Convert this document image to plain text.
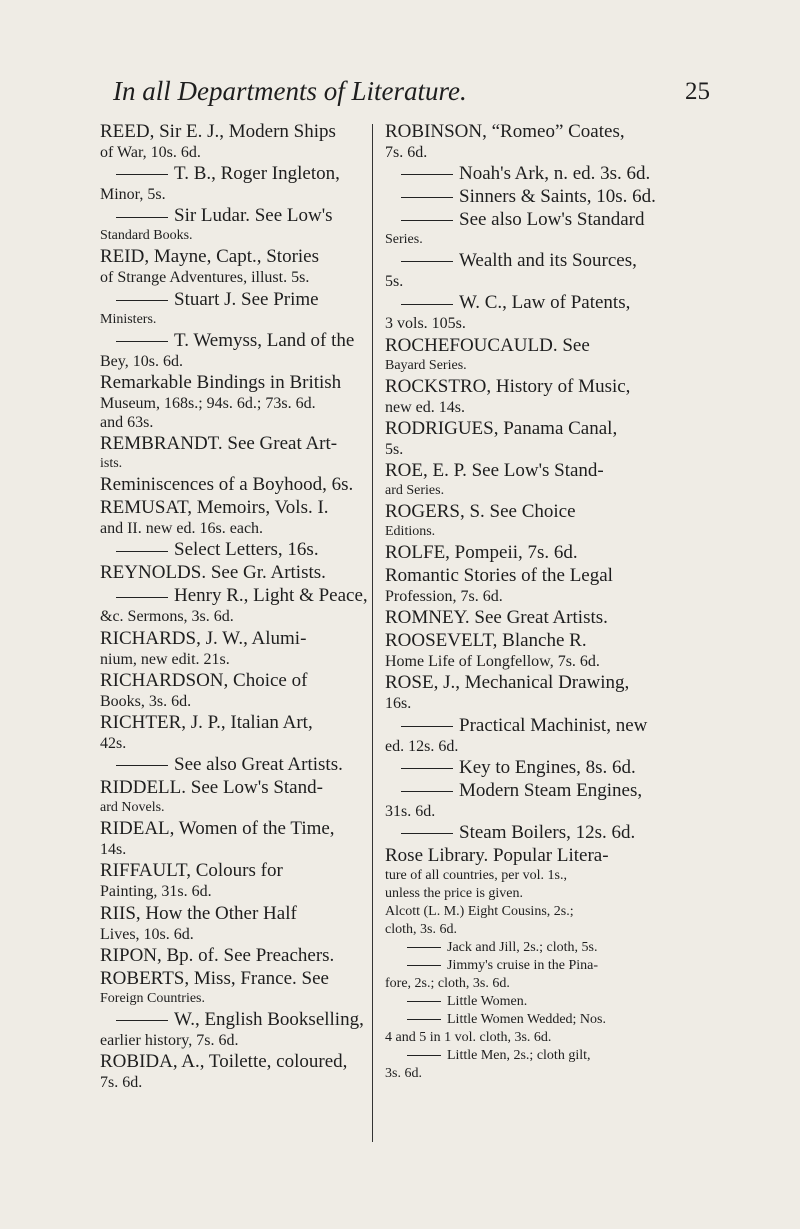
In all Departments of Literature.	25
REED, Sir E. J., Modern Ships
of War, 10s. 6d.
T. B., Roger Ingleton,
Minor, 5s.
Sir Ludar. See Low's
Standard Books.
REID, Mayne, Capt., Stories
of Strange Adventures, illust. 5s.
Stuart J. See Prime
Ministers.
T. Wemyss, Land of the
Bey, 10s. 6d.
Remarkable Bindings in British
Museum, 168s.; 94s. 6d.; 73s. 6d.
and 63s.
REMBRANDT. See Great Art-
ists.
Reminiscences of a Boyhood, 6s.
REMUSAT, Memoirs, Vols. I.
and II. new ed. 16s. each.
Select Letters, 16s.
REYNOLDS. See Gr. Artists.
Henry R., Light & Peace,
&c. Sermons, 3s. 6d.
RICHARDS, J. W., Alumi-
nium, new edit. 21s.
RICHARDSON, Choice of
Books, 3s. 6d.
RICHTER, J. P., Italian Art,
42s.
See also Great Artists.
RIDDELL. See Low's Stand-
ard Novels.
RIDEAL, Women of the Time,
14s.
RIFFAULT, Colours for
Painting, 31s. 6d.
RIIS, How the Other Half
Lives, 10s. 6d.
RIPON, Bp. of. See Preachers.
ROBERTS, Miss, France. See
Foreign Countries.
W., English Bookselling,
earlier history, 7s. 6d.
ROBIDA, A., Toilette, coloured,
7s. 6d.
ROBINSON, “Romeo” Coates,
7s. 6d.
Noah's Ark, n. ed. 3s. 6d.
Sinners & Saints, 10s. 6d.
See also Low's Standard
Series.
Wealth and its Sources,
5s.
W. C., Law of Patents,
3 vols. 105s.
ROCHEFOUCAULD. See
Bayard Series.
ROCKSTRO, History of Music,
new ed. 14s.
RODRIGUES, Panama Canal,
5s.
ROE, E. P. See Low's Stand-
ard Series.
ROGERS, S. See Choice
Editions.
ROLFE, Pompeii, 7s. 6d.
Romantic Stories of the Legal
Profession, 7s. 6d.
ROMNEY. See Great Artists.
ROOSEVELT, Blanche R.
Home Life of Longfellow, 7s. 6d.
ROSE, J., Mechanical Drawing,
16s.
Practical Machinist, new
ed. 12s. 6d.
Key to Engines, 8s. 6d.
Modern Steam Engines,
31s. 6d.
Steam Boilers, 12s. 6d.
Rose Library. Popular Litera-
ture of all countries, per vol. 1s.,
unless the price is given.
Alcott (L. M.) Eight Cousins, 2s.;
cloth, 3s. 6d.
Jack and Jill, 2s.; cloth, 5s.
Jimmy's cruise in the Pina-
fore, 2s.; cloth, 3s. 6d.
Little Women.
Little Women Wedded; Nos.
4 and 5 in 1 vol. cloth, 3s. 6d.
Little Men, 2s.; cloth gilt,
3s. 6d.
